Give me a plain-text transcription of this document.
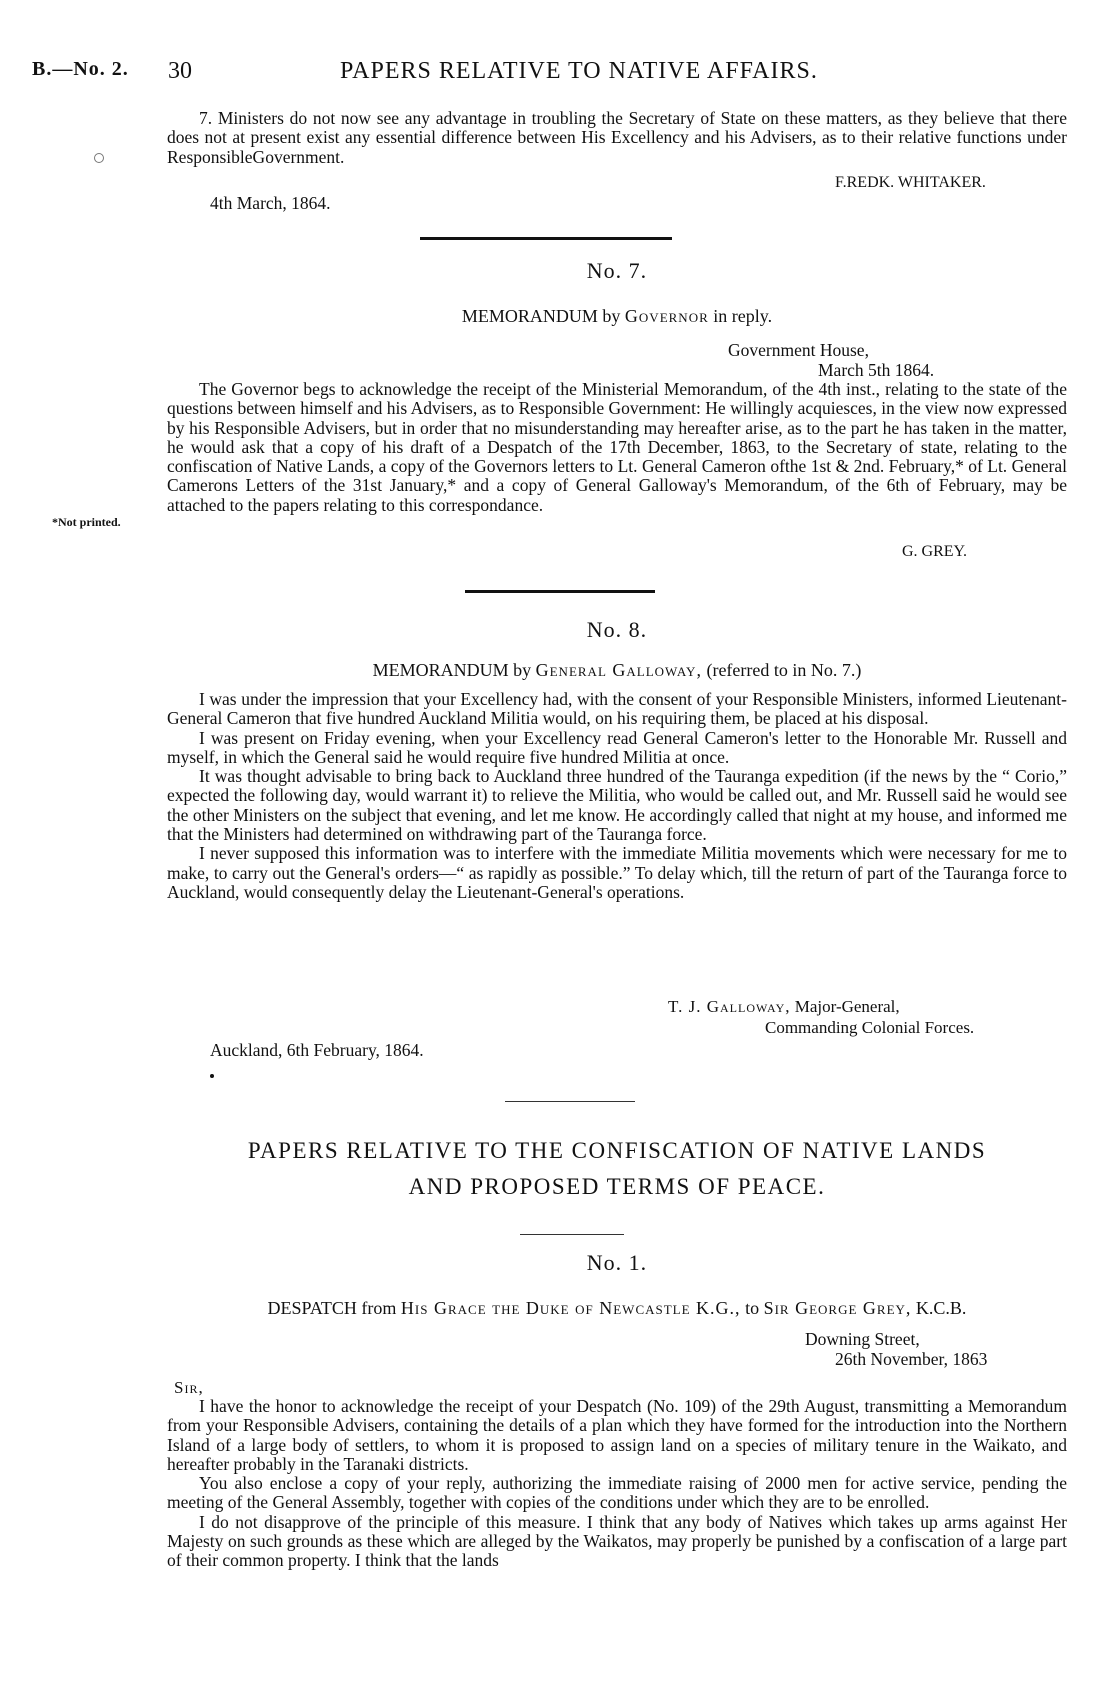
B.—No. 2. 30	PAPERS RELATIVE TO NATIVE AFFAIRS.
*Not printed.

7. Ministers do not now see any advantage in troubling the Secretary of State on these matters, as they believe that there does not at present exist any essential difference between His Excellency and his Advisers, as to their relative functions under ResponsibleGovernment.

F.REDK. WHITAKER.
4th March, 1864.
No. 7.
MEMORANDUM by Governor in reply.
Government House,
March 5th 1864.

The Governor begs to acknowledge the receipt of the Ministerial Memorandum, of the 4th inst., relating to the state of the questions between himself and his Advisers, as to Responsible Government: He willingly acquiesces, in the view now expressed by his Responsible Advisers, but in order that no misunderstanding may hereafter arise, as to the part he has taken in the matter, he would ask that a copy of his draft of a Despatch of the 17th December, 1863, to the Secretary of state, relating to the confiscation of Native Lands, a copy of the Governors letters to Lt. General Cameron ofthe 1st & 2nd. February,* of Lt. General Camerons Letters of the 31st January,* and a copy of General Galloway's Memorandum, of the 6th of February, may be attached to the papers relating to this correspondance.

G. GREY.
No. 8.
MEMORANDUM by General Galloway, (referred to in No. 7.)

I was under the impression that your Excellency had, with the consent of your Responsible Ministers, informed Lieutenant-General Cameron that five hundred Auckland Militia would, on his requiring them, be placed at his disposal.

I was present on Friday evening, when your Excellency read General Cameron's letter to the Honorable Mr. Russell and myself, in which the General said he would require five hundred Militia at once.

It was thought advisable to bring back to Auckland three hundred of the Tauranga expedition (if the news by the “ Corio,” expected the following day, would warrant it) to relieve the Militia, who would be called out, and Mr. Russell said he would see the other Ministers on the subject that evening, and let me know. He accordingly called that night at my house, and informed me that the Ministers had determined on withdrawing part of the Tauranga force.

I never supposed this information was to interfere with the immediate Militia movements which were necessary for me to make, to carry out the General's orders—“ as rapidly as possible.” To delay which, till the return of part of the Tauranga force to Auckland, would consequently delay the Lieutenant-General's operations.

T. J. Galloway, Major-General,
Commanding Colonial Forces.
Auckland, 6th February, 1864.
PAPERS RELATIVE TO THE CONFISCATION OF NATIVE LANDS
AND PROPOSED TERMS OF PEACE.
No. 1.
DESPATCH from His Grace the Duke of Newcastle K.G., to Sir George Grey, K.C.B.
Downing Street,
26th November, 1863
Sir,

I have the honor to acknowledge the receipt of your Despatch (No. 109) of the 29th August, transmitting a Memorandum from your Responsible Advisers, containing the details of a plan which they have formed for the introduction into the Northern Island of a large body of settlers, to whom it is proposed to assign land on a species of military tenure in the Waikato, and hereafter probably in the Taranaki districts.

You also enclose a copy of your reply, authorizing the immediate raising of 2000 men for active service, pending the meeting of the General Assembly, together with copies of the conditions under which they are to be enrolled.

I do not disapprove of the principle of this measure. I think that any body of Natives which takes up arms against Her Majesty on such grounds as these which are alleged by the Waikatos, may properly be punished by a confiscation of a large part of their common property. I think that the lands
